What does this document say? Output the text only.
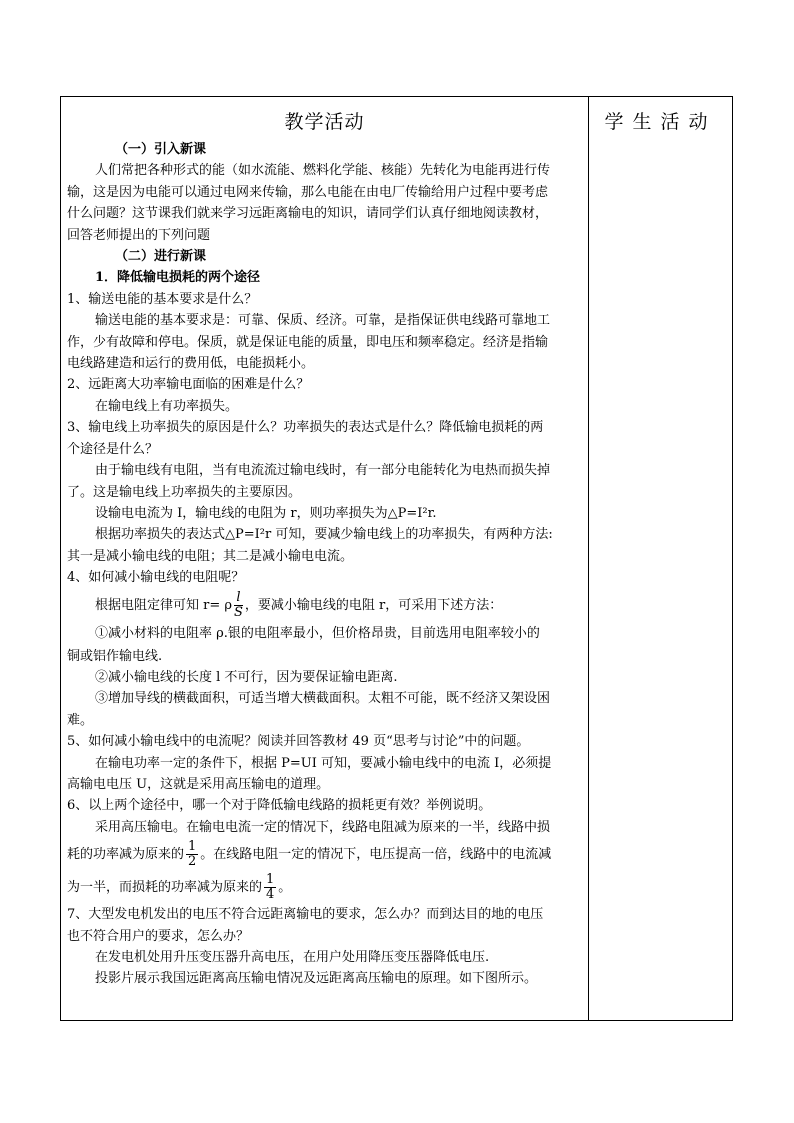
教学活动
（一）引入新课
人们常把各种形式的能（如水流能、燃料化学能、核能）先转化为电能再进行传
输，这是因为电能可以通过电网来传输，那么电能在由电厂传输给用户过程中要考虑
什么问题？这节课我们就来学习远距离输电的知识，请同学们认真仔细地阅读教材，
回答老师提出的下列问题
（二）进行新课
1．降低输电损耗的两个途径
1、输送电能的基本要求是什么？
输送电能的基本要求是：可靠、保质、经济。可靠，是指保证供电线路可靠地工
作，少有故障和停电。保质，就是保证电能的质量，即电压和频率稳定。经济是指输
电线路建造和运行的费用低，电能损耗小。
2、远距离大功率输电面临的困难是什么？
在输电线上有功率损失。
3、输电线上功率损失的原因是什么？功率损失的表达式是什么？降低输电损耗的两
个途径是什么？
由于输电线有电阻，当有电流流过输电线时，有一部分电能转化为电热而损失掉
了。这是输电线上功率损失的主要原因。
设输电电流为 I，输电线的电阻为 r，则功率损失为△P=I²r.
根据功率损失的表达式△P=I²r 可知，要减少输电线上的功率损失，有两种方法:
其一是减小输电线的电阻；其二是减小输电电流。
4、如何减小输电线的电阻呢？
根据电阻定律可知 r= ρ $\frac{l}{S}$ ，要减小输电线的电阻 r，可采用下述方法：
①减小材料的电阻率 ρ.银的电阻率最小，但价格昂贵，目前选用电阻率较小的
铜或铝作输电线.
②减小输电线的长度 l 不可行，因为要保证输电距离.
③增加导线的横截面积，可适当增大横截面积。太粗不可能，既不经济又架设困
难。
5、如何减小输电线中的电流呢？阅读并回答教材 49 页“思考与讨论”中的问题。
在输电功率一定的条件下，根据 P=UI 可知，要减小输电线中的电流 I，必须提
高输电电压 U，这就是采用高压输电的道理。
6、以上两个途径中，哪一个对于降低输电线路的损耗更有效？举例说明。
采用高压输电。在输电电流一定的情况下，线路电阻减为原来的一半，线路中损
耗的功率减为原来的 $\frac{1}{2}$ 。在线路电阻一定的情况下，电压提高一倍，线路中的电流减
为一半，而损耗的功率减为原来的 $\frac{1}{4}$ 。
7、大型发电机发出的电压不符合远距离输电的要求，怎么办？而到达目的地的电压
也不符合用户的要求，怎么办？
在发电机处用升压变压器升高电压，在用户处用降压变压器降低电压.
投影片展示我国远距离高压输电情况及远距离高压输电的原理。如下图所示。
学生活动
